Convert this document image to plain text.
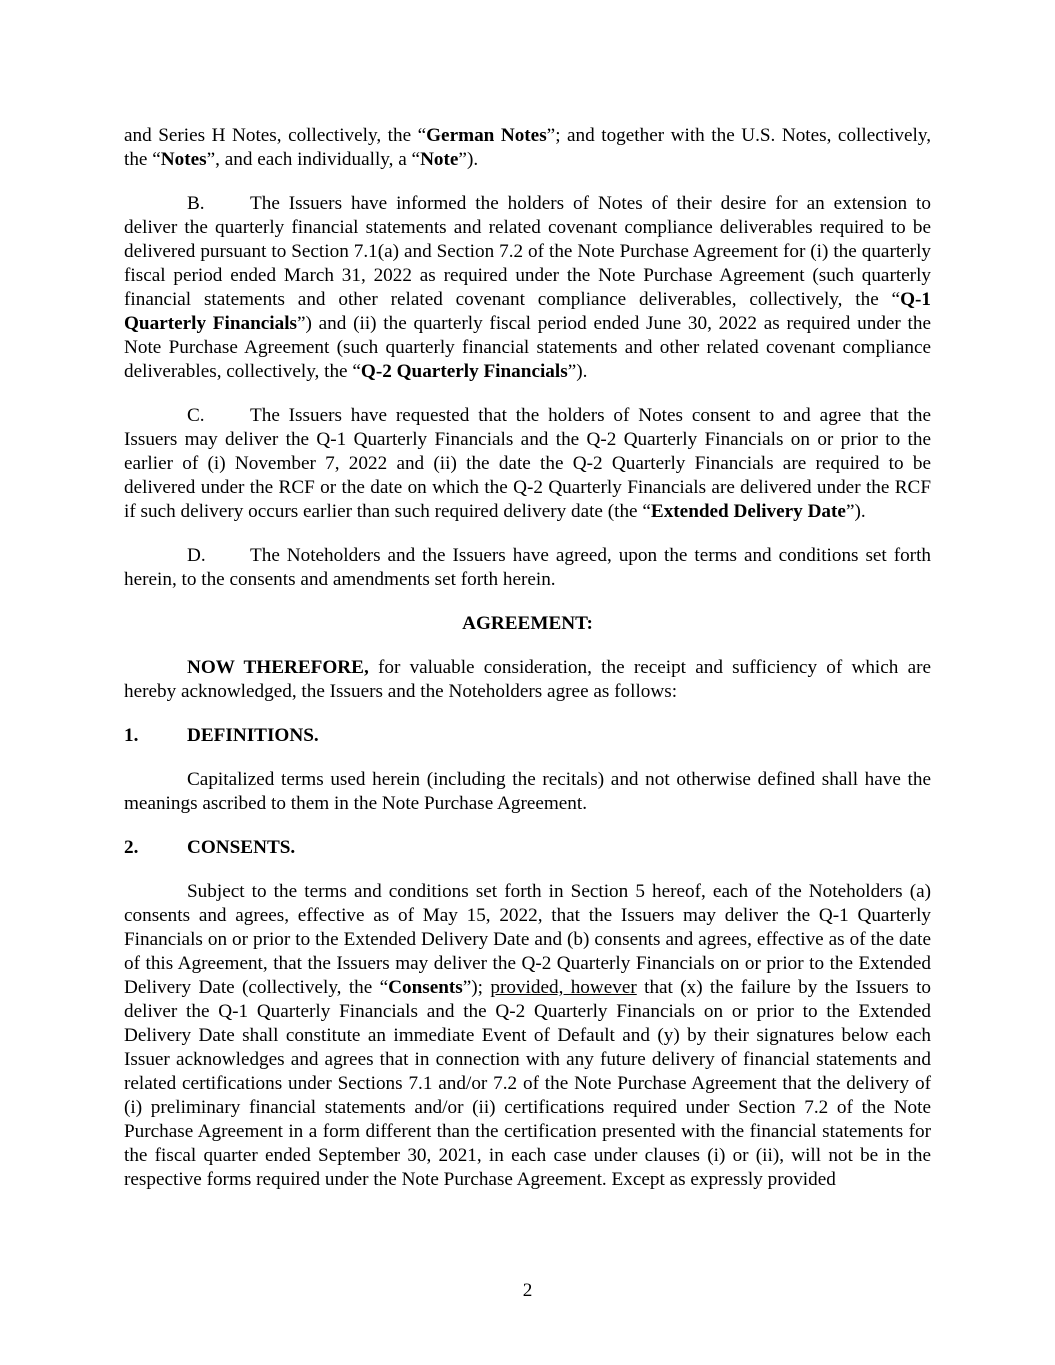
and Series H Notes, collectively, the “German Notes”; and together with the U.S. Notes, collectively, the “Notes”, and each individually, a “Note”).

B. The Issuers have informed the holders of Notes of their desire for an extension to deliver the quarterly financial statements and related covenant compliance deliverables required to be delivered pursuant to Section 7.1(a) and Section 7.2 of the Note Purchase Agreement for (i) the quarterly fiscal period ended March 31, 2022 as required under the Note Purchase Agreement (such quarterly financial statements and other related covenant compliance deliverables, collectively, the “Q-1 Quarterly Financials”) and (ii) the quarterly fiscal period ended June 30, 2022 as required under the Note Purchase Agreement (such quarterly financial statements and other related covenant compliance deliverables, collectively, the “Q-2 Quarterly Financials”).

C. The Issuers have requested that the holders of Notes consent to and agree that the Issuers may deliver the Q-1 Quarterly Financials and the Q-2 Quarterly Financials on or prior to the earlier of (i) November 7, 2022 and (ii) the date the Q-2 Quarterly Financials are required to be delivered under the RCF or the date on which the Q-2 Quarterly Financials are delivered under the RCF if such delivery occurs earlier than such required delivery date (the “Extended Delivery Date”).

D. The Noteholders and the Issuers have agreed, upon the terms and conditions set forth herein, to the consents and amendments set forth herein.

AGREEMENT:

NOW THEREFORE, for valuable consideration, the receipt and sufficiency of which are hereby acknowledged, the Issuers and the Noteholders agree as follows:

1.	DEFINITIONS.

Capitalized terms used herein (including the recitals) and not otherwise defined shall have the meanings ascribed to them in the Note Purchase Agreement.

2.	CONSENTS.

Subject to the terms and conditions set forth in Section 5 hereof, each of the Noteholders (a) consents and agrees, effective as of May 15, 2022, that the Issuers may deliver the Q-1 Quarterly Financials on or prior to the Extended Delivery Date and (b) consents and agrees, effective as of the date of this Agreement, that the Issuers may deliver the Q-2 Quarterly Financials on or prior to the Extended Delivery Date (collectively, the “Consents”); provided, however that (x) the failure by the Issuers to deliver the Q-1 Quarterly Financials and the Q-2 Quarterly Financials on or prior to the Extended Delivery Date shall constitute an immediate Event of Default and (y) by their signatures below each Issuer acknowledges and agrees that in connection with any future delivery of financial statements and related certifications under Sections 7.1 and/or 7.2 of the Note Purchase Agreement that the delivery of (i) preliminary financial statements and/or (ii) certifications required under Section 7.2 of the Note Purchase Agreement in a form different than the certification presented with the financial statements for the fiscal quarter ended September 30, 2021, in each case under clauses (i) or (ii), will not be in the respective forms required under the Note Purchase Agreement. Except as expressly provided

2
